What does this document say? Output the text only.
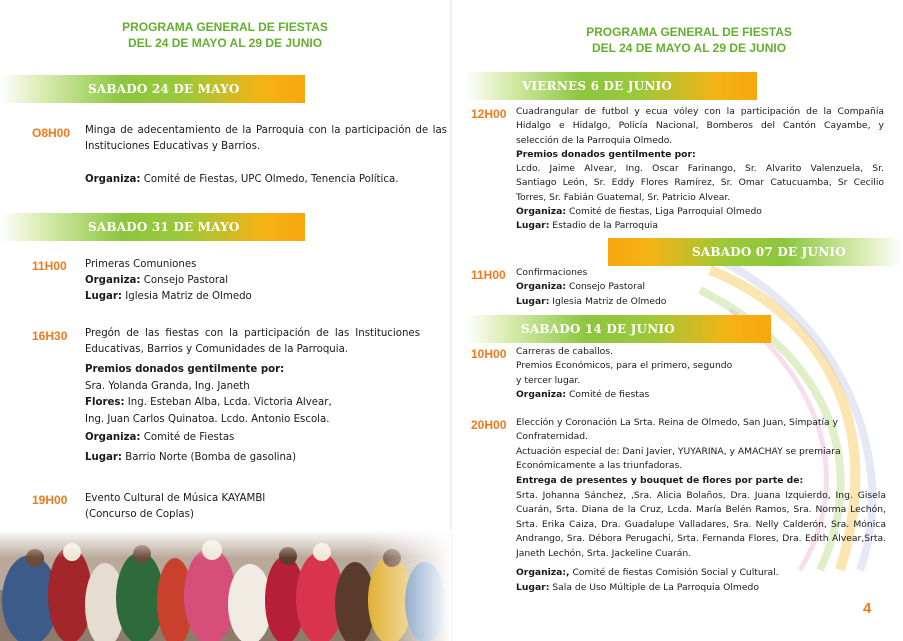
PROGRAMA GENERAL DE FIESTAS
DEL 24 DE MAYO AL 29 DE JUNIO
SABADO 24 DE MAYO
O8H00 Minga de adecentamiento de la Parroquia con la participación de las
Instituciones Educativas y Barrios.
Organiza: Comité de Fiestas, UPC Olmedo, Tenencia Política.
SABADO 31 DE MAYO
11H00 Primeras Comuniones
Organiza: Consejo Pastoral
Lugar: Iglesia Matriz de Olmedo
16H30 Pregón de las fiestas con la participación de las Instituciones
Educativas, Barrios y Comunidades de la Parroquia.
Premios donados gentilmente por:
Sra. Yolanda Granda, Ing. Janeth
Flores: Ing. Esteban Alba, Lcda. Victoria Alvear,
Ing. Juan Carlos Quinatoa. Lcdo. Antonio Escola.
Organiza: Comité de Fiestas
Lugar: Barrio Norte (Bomba de gasolina)
19H00 Evento Cultural de Música KAYAMBI
(Concurso de Coplas)
PROGRAMA GENERAL DE FIESTAS
DEL 24 DE MAYO AL 29 DE JUNIO
VIERNES 6 DE JUNIO
12H00 Cuadrangular de futbol y ecua vóley con la participación de la Compañía
Hidalgo e Hidalgo, Policía Nacional, Bomberos del Cantón Cayambe, y
selección de la Parroquia Olmedo.
Premios donados gentilmente por:
Lcdo. Jaime Alvear, Ing. Oscar Farinango, Sr. Alvarito Valenzuela, Sr.
Santiago León, Sr. Eddy Flores Ramírez, Sr. Omar Catucuamba, Sr Cecilio
Torres, Sr. Fabián Guatemal, Sr. Patricio Alvear.
Organiza: Comité de fiestas, Liga Parroquial Olmedo
Lugar: Estadio de la Parroquia
SABADO 07 DE JUNIO
11H00 Confirmaciones
Organiza: Consejo Pastoral
Lugar: Iglesia Matriz de Olmedo
SABADO 14 DE JUNIO
10H00 Carreras de caballos.
Premios Económicos, para el primero, segundo
y tercer lugar.
Organiza: Comité de fiestas
20H00 Elección y Coronación La Srta. Reina de Olmedo, San Juan, Simpatía y
Confraternidad.
Actuación especial de: Dani Javier, YUYARINA, y AMACHAY se premiara
Económicamente a las triunfadoras.
Entrega de presentes y bouquet de flores por parte de:
Srta. Johanna Sánchez, ,Sra. Alicia Bolaños, Dra. Juana Izquierdo, Ing. Gisela
Cuarán, Srta. Diana de la Cruz, Lcda. María Belén Ramos, Sra. Norma Lechón,
Srta. Erika Caiza, Dra. Guadalupe Valladares, Sra. Nelly Calderón, Sra. Mónica
Andrango, Sra. Débora Perugachi, Srta. Fernanda Flores, Dra. Edith Alvear,Srta.
Janeth Lechón, Srta. Jackeline Cuarán.
Organiza:, Comité de fiestas Comisión Social y Cultural.
Lugar: Sala de Uso Múltiple de La Parroquia Olmedo
4
